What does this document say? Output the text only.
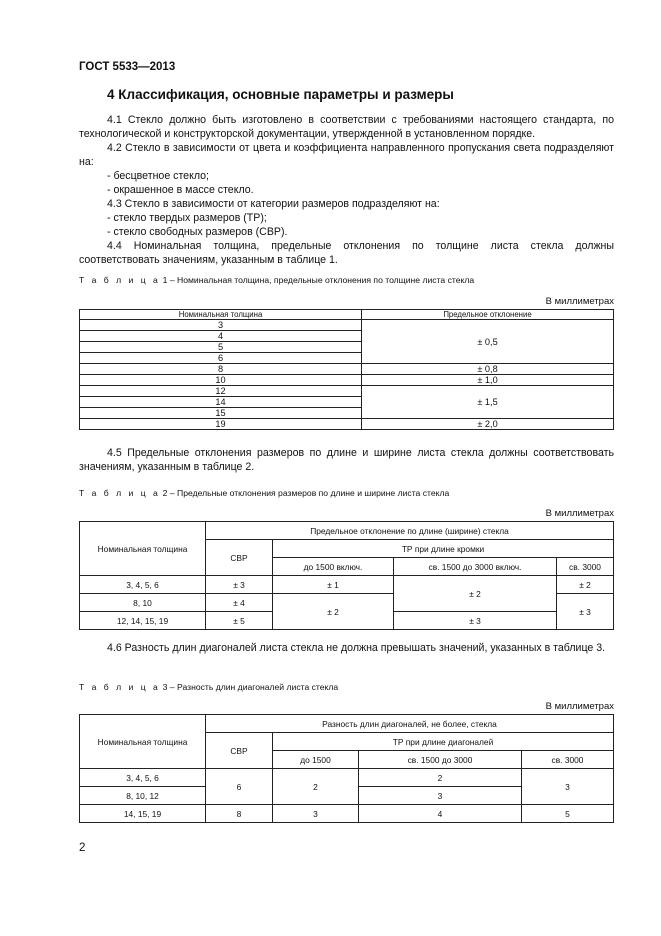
ГОСТ 5533—2013
4 Классификация, основные параметры и размеры

4.1 Стекло должно быть изготовлено в соответствии с требованиями настоящего стандарта, по технологической и конструкторской документации, утвержденной в установленном порядке.

4.2 Стекло в зависимости от цвета и коэффициента направленного пропускания света подразделяют на:

- бесцветное стекло;

- окрашенное в массе стекло.

4.3 Стекло в зависимости от категории размеров подразделяют на:

- стекло твердых размеров (ТР);

- стекло свободных размеров (СВР).

4.4 Номинальная толщина, предельные отклонения по толщине листа стекла должны соответствовать значениям, указанным в таблице 1.

Т а б л и ц а 1 – Номинальная толщина, предельные отклонения по толщине листа стекла
В миллиметрах
Номинальная толщина	Предельное отклонение
3	± 0,5
4	
5	
6	
8	± 0,8
10	± 1,0
12	± 1,5
14	
15	
19	± 2,0

4.5 Предельные отклонения размеров по длине и ширине листа стекла должны соответствовать значениям, указанным в таблице 2.

Т а б л и ц а 2 – Предельные отклонения размеров по длине и ширине листа стекла
В миллиметрах
Номинальная толщина	Предельное отклонение по длине (ширине) стекла			
	СВР	ТР при длине кромки		
		до 1500 включ.	св. 1500 до 3000 включ.	св. 3000
3, 4, 5, 6	± 3	± 1	± 2	± 2
8, 10	± 4	± 2		± 3
12, 14, 15, 19	± 5		± 3	

4.6 Разность длин диагоналей листа стекла не должна превышать значений, указанных в таблице 3.

Т а б л и ц а 3 – Разность длин диагоналей листа стекла
В миллиметрах
Номинальная толщина	Разность длин диагоналей, не более, стекла			
	СВР	ТР при длине диагоналей		
		до 1500	св. 1500 до 3000	св. 3000
3, 4, 5, 6	6	2	2	3
8, 10, 12			3	
14, 15, 19	8	3	4	5
2
